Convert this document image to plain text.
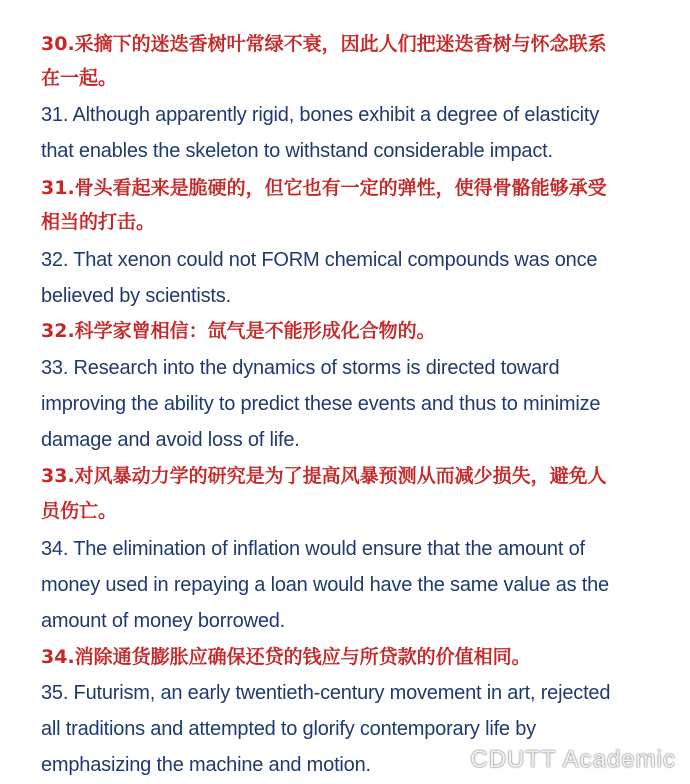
30.采摘下的迷迭香树叶常绿不衰，因此人们把迷迭香树与怀念联系
在一起。
31. Although apparently rigid, bones exhibit a degree of elasticity
that enables the skeleton to withstand considerable impact.
31.骨头看起来是脆硬的，但它也有一定的弹性，使得骨骼能够承受
相当的打击。
32. That xenon could not FORM chemical compounds was once
believed by scientists.
32.科学家曾相信：氙气是不能形成化合物的。
33. Research into the dynamics of storms is directed toward
improving the ability to predict these events and thus to minimize
damage and avoid loss of life.
33.对风暴动力学的研究是为了提高风暴预测从而减少损失，避免人
员伤亡。
34. The elimination of inflation would ensure that the amount of
money used in repaying a loan would have the same value as the
amount of money borrowed.
34.消除通货膨胀应确保还贷的钱应与所贷款的价值相同。
35. Futurism, an early twentieth-century movement in art, rejected
all traditions and attempted to glorify contemporary life by
emphasizing the machine and motion.	CDUTT Academic
